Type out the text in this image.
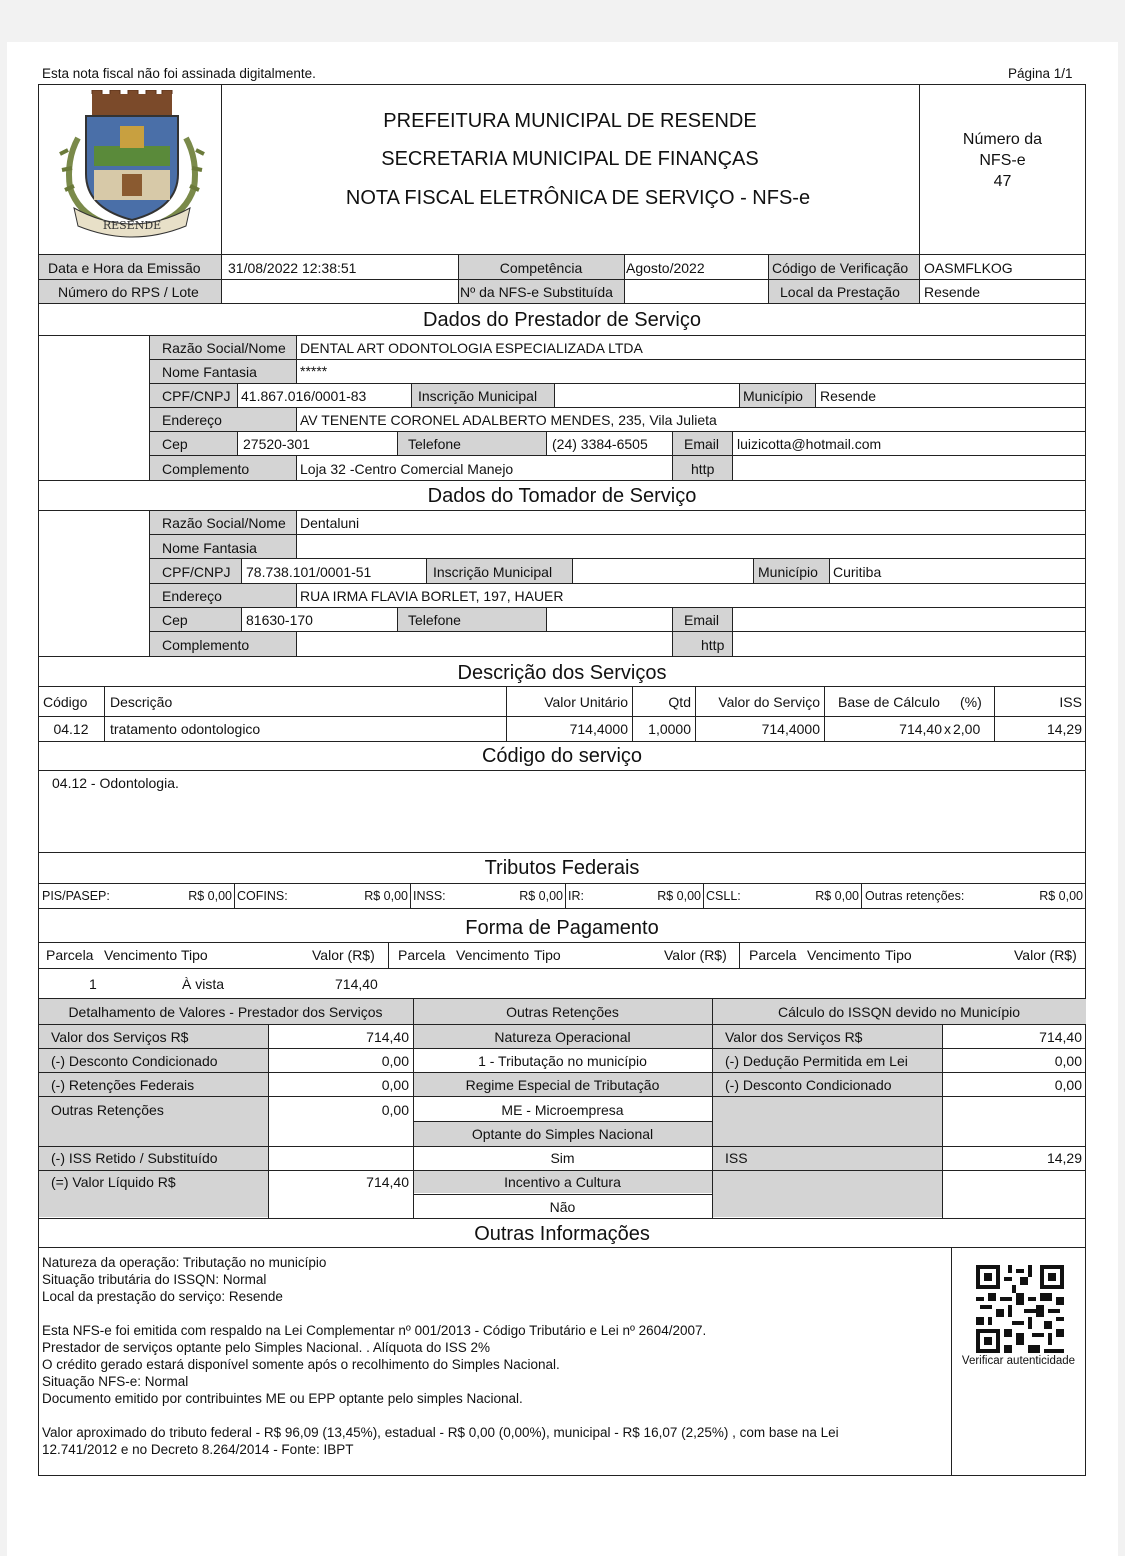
Esta nota fiscal não foi assinada digitalmente.	Página 1/1
RESENDE
PREFEITURA MUNICIPAL DE RESENDE
SECRETARIA MUNICIPAL DE FINANÇAS
NOTA FISCAL ELETRÔNICA DE SERVIÇO - NFS-e
Número da
NFS-e
47
Data e Hora da Emissão 31/08/2022 12:38:51	Competência	Agosto/2022	Código de Verificação OASMFLKOG
Número do RPS / Lote	Nº da NFS-e Substituída	Local da Prestação Resende
Dados do Prestador de Serviço
Razão Social/Nome DENTAL ART ODONTOLOGIA ESPECIALIZADA LTDA
Nome Fantasia	*****
CPF/CNPJ 41.867.016/0001-83	Inscrição Municipal	Município Resende
Endereço	AV TENENTE CORONEL ADALBERTO MENDES, 235, Vila Julieta
Cep	27520-301	Telefone	(24) 3384-6505	Email luizicotta@hotmail.com
Complemento	Loja 32 -Centro Comercial Manejo	http
Dados do Tomador de Serviço
Razão Social/Nome Dentaluni
Nome Fantasia
CPF/CNPJ 78.738.101/0001-51	Inscrição Municipal	Município Curitiba
Endereço	RUA IRMA FLAVIA BORLET, 197, HAUER
Cep	81630-170	Telefone	Email
Complemento	http
Descrição dos Serviços
Código Descrição	Valor Unitário	Qtd	Valor do Serviço Base de Cálculo (%)	ISS
04.12	tratamento odontologico	714,4000	1,0000	714,4000	714,40 x 2,00	14,29
Código do serviço
04.12 - Odontologia.
Tributos Federais
PIS/PASEP:	R$ 0,00 COFINS:	R$ 0,00 INSS:	R$ 0,00 IR:	R$ 0,00 CSLL:	R$ 0,00 Outras retenções:	R$ 0,00
Forma de Pagamento
Parcela Vencimento Tipo	Valor (R$) Parcela Vencimento Tipo	Valor (R$) Parcela Vencimento Tipo	Valor (R$)
1	À vista	714,40
Detalhamento de Valores - Prestador dos Serviços	Outras Retenções	Cálculo do ISSQN devido no Município
Valor dos Serviços R$	714,40
(-) Desconto Condicionado	0,00
(-) Retenções Federais	0,00
Outras Retenções	0,00
(-) ISS Retido / Substituído
(=) Valor Líquido R$	714,40
Natureza Operacional
1 - Tributação no município
Regime Especial de Tributação
ME - Microempresa
Optante do Simples Nacional
Sim
Incentivo a Cultura
Não
Valor dos Serviços R$	714,40
(-) Dedução Permitida em Lei	0,00
(-) Desconto Condicionado	0,00
ISS	14,29
Outras Informações
Natureza da operação: Tributação no município
Situação tributária do ISSQN: Normal
Local da prestação do serviço: Resende
Esta NFS-e foi emitida com respaldo na Lei Complementar nº 001/2013 - Código Tributário e Lei nº 2604/2007.
Prestador de serviços optante pelo Simples Nacional. . Alíquota do ISS 2%
O crédito gerado estará disponível somente após o recolhimento do Simples Nacional.
Situação NFS-e: Normal
Documento emitido por contribuintes ME ou EPP optante pelo simples Nacional.
Valor aproximado do tributo federal - R$ 96,09 (13,45%), estadual - R$ 0,00 (0,00%), municipal - R$ 16,07 (2,25%) , com base na Lei
12.741/2012 e no Decreto 8.264/2014 - Fonte: IBPT
Verificar autenticidade
